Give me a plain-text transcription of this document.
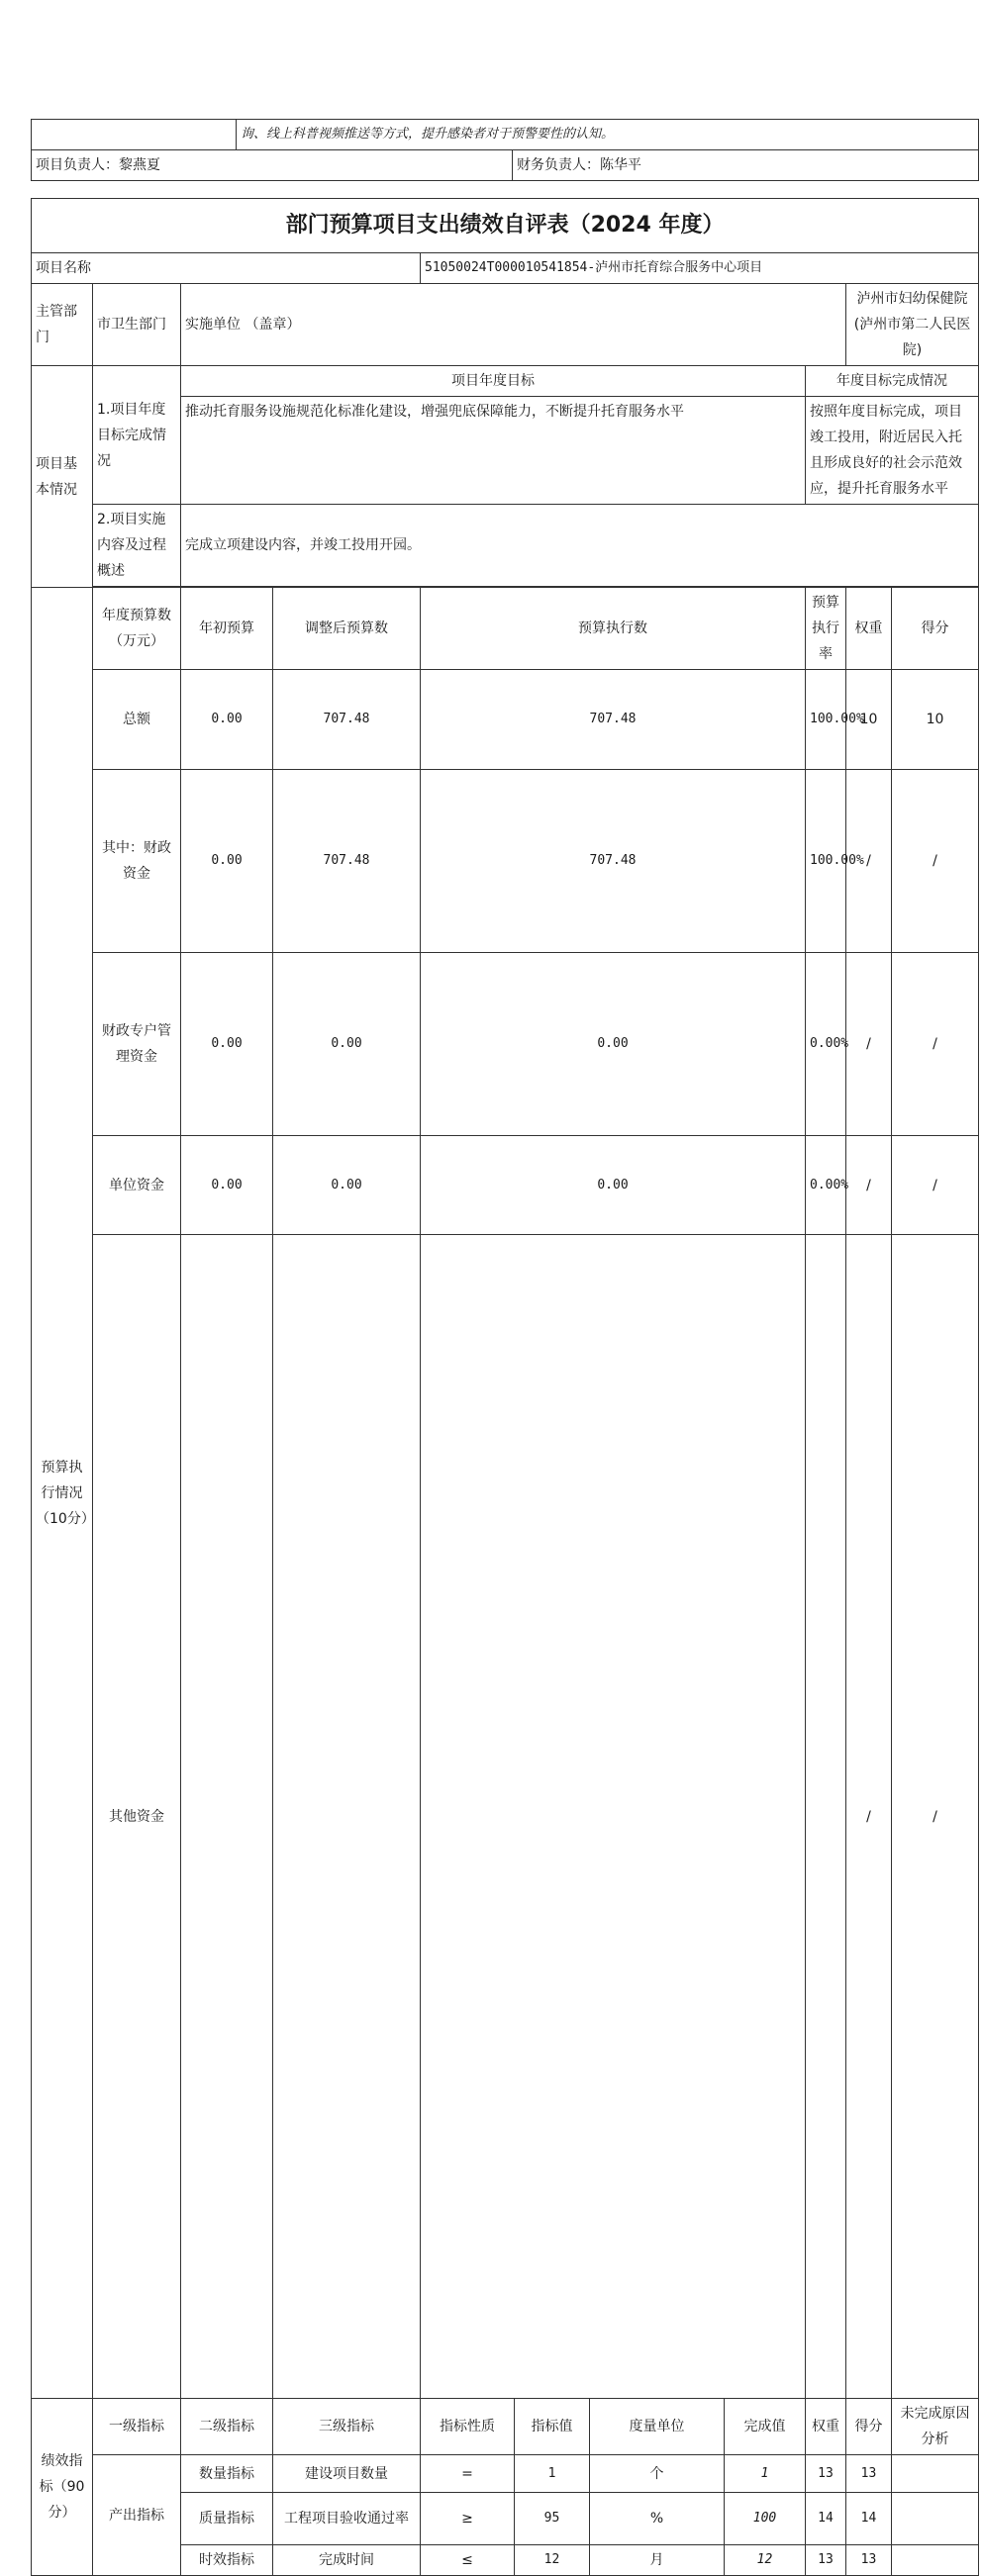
	询、线上科普视频推送等方式，提升感染者对于预警要性的认知。	
项目负责人：黎燕夏		财务负责人：陈华平
部门预算项目支出绩效自评表（2024 年度）											
项目名称				51050024T000010541854-泸州市托育综合服务中心项目							
主管部门	市卫生部门	实施单位 （盖章）							泸州市妇幼保健院(泸州市第二人民医院)		
项目基本情况	1.项目年度目标完成情况	项目年度目标						年度目标完成情况			
		推动托育服务设施规范化标准化建设，增强兜底保障能力，不断提升托育服务水平						按照年度目标完成，项目竣工投用，附近居民入托且形成良好的社会示范效应，提升托育服务水平			
	2.项目实施内容及过程概述	完成立项建设内容，并竣工投用开园。									

预算执行情况（10分）	年度预算数（万元）	年初预算	调整后预算数	预算执行数				预算执行率	权重	得分	
	总额	0.00	707.48	707.48				100.00%	10	10	
	其中：财政资金	0.00	707.48	707.48				100.00%	/	/	
	财政专户管理资金	0.00	0.00	0.00				0.00%	/	/	
	单位资金	0.00	0.00	0.00				0.00%	/	/	
	其他资金								/	/	
绩效指标（90分）	一级指标	二级指标	三级指标	指标性质	指标值	度量单位	完成值	权重	得分	未完成原因分析	
	产出指标	数量指标	建设项目数量	=	1	个	1	13	13		
		质量指标	工程项目验收通过率	≥	95	%	100	14	14		
		时效指标	完成时间	≤	12	月	12	13	13		
